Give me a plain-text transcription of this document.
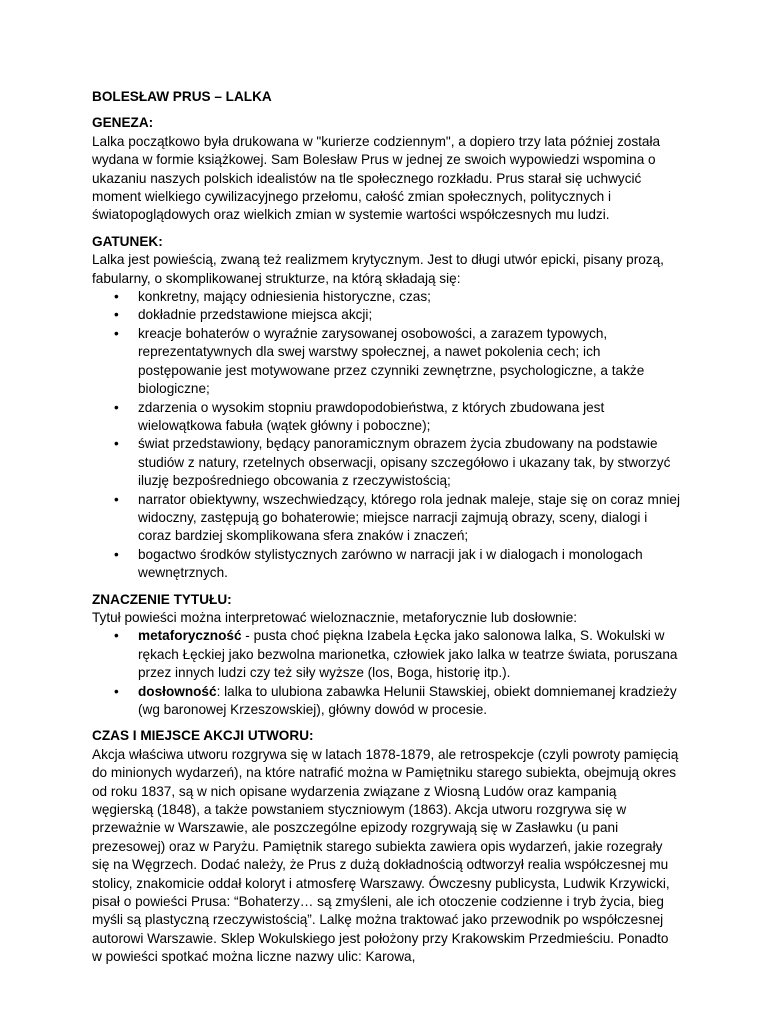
BOLESŁAW PRUS – LALKA
GENEZA:

Lalka początkowo była drukowana w "kurierze codziennym", a dopiero trzy lata później została wydana w formie książkowej. Sam Bolesław Prus w jednej ze swoich wypowiedzi wspomina o ukazaniu naszych polskich idealistów na tle społecznego rozkładu. Prus starał się uchwycić moment wielkiego cywilizacyjnego przełomu, całość zmian społecznych, politycznych i światopoglądowych oraz wielkich zmian w systemie wartości współczesnych mu ludzi.

GATUNEK:

Lalka jest powieścią, zwaną też realizmem krytycznym. Jest to długi utwór epicki, pisany prozą, fabularny, o skomplikowanej strukturze, na którą składają się:

• konkretny, mający odniesienia historyczne, czas;
• dokładnie przedstawione miejsca akcji;
• kreacje bohaterów o wyraźnie zarysowanej osobowości, a zarazem typowych, reprezentatywnych dla swej warstwy społecznej, a nawet pokolenia cech; ich postępowanie jest motywowane przez czynniki zewnętrzne, psychologiczne, a także biologiczne;
• zdarzenia o wysokim stopniu prawdopodobieństwa, z których zbudowana jest wielowątkowa fabuła (wątek główny i poboczne);
• świat przedstawiony, będący panoramicznym obrazem życia zbudowany na podstawie studiów z natury, rzetelnych obserwacji, opisany szczegółowo i ukazany tak, by stworzyć iluzję bezpośredniego obcowania z rzeczywistością;
• narrator obiektywny, wszechwiedzący, którego rola jednak maleje, staje się on coraz mniej widoczny, zastępują go bohaterowie; miejsce narracji zajmują obrazy, sceny, dialogi i coraz bardziej skomplikowana sfera znaków i znaczeń;
• bogactwo środków stylistycznych zarówno w narracji jak i w dialogach i monologach wewnętrznych.
ZNACZENIE TYTUŁU:

Tytuł powieści można interpretować wieloznacznie, metaforycznie lub dosłownie:

• metaforyczność - pusta choć piękna Izabela Łęcka jako salonowa lalka, S. Wokulski w rękach Łęckiej jako bezwolna marionetka, człowiek jako lalka w teatrze świata, poruszana przez innych ludzi czy też siły wyższe (los, Boga, historię itp.).
• dosłowność: lalka to ulubiona zabawka Helunii Stawskiej, obiekt domniemanej kradzieży (wg baronowej Krzeszowskiej), główny dowód w procesie.
CZAS I MIEJSCE AKCJI UTWORU:

Akcja właściwa utworu rozgrywa się w latach 1878-1879, ale retrospekcje (czyli powroty pamięcią do minionych wydarzeń), na które natrafić można w Pamiętniku starego subiekta, obejmują okres od roku 1837, są w nich opisane wydarzenia związane z Wiosną Ludów oraz kampanią węgierską (1848), a także powstaniem styczniowym (1863). Akcja utworu rozgrywa się w przeważnie w Warszawie, ale poszczególne epizody rozgrywają się w Zasławku (u pani prezesowej) oraz w Paryżu. Pamiętnik starego subiekta zawiera opis wydarzeń, jakie rozegrały się na Węgrzech. Dodać należy, że Prus z dużą dokładnością odtworzył realia współczesnej mu stolicy, znakomicie oddał koloryt i atmosferę Warszawy. Ówczesny publicysta, Ludwik Krzywicki, pisał o powieści Prusa: “Bohaterzy… są zmyśleni, ale ich otoczenie codzienne i tryb życia, bieg myśli są plastyczną rzeczywistością”. Lalkę można traktować jako przewodnik po współczesnej autorowi Warszawie. Sklep Wokulskiego jest położony przy Krakowskim Przedmieściu. Ponadto w powieści spotkać można liczne nazwy ulic: Karowa,
